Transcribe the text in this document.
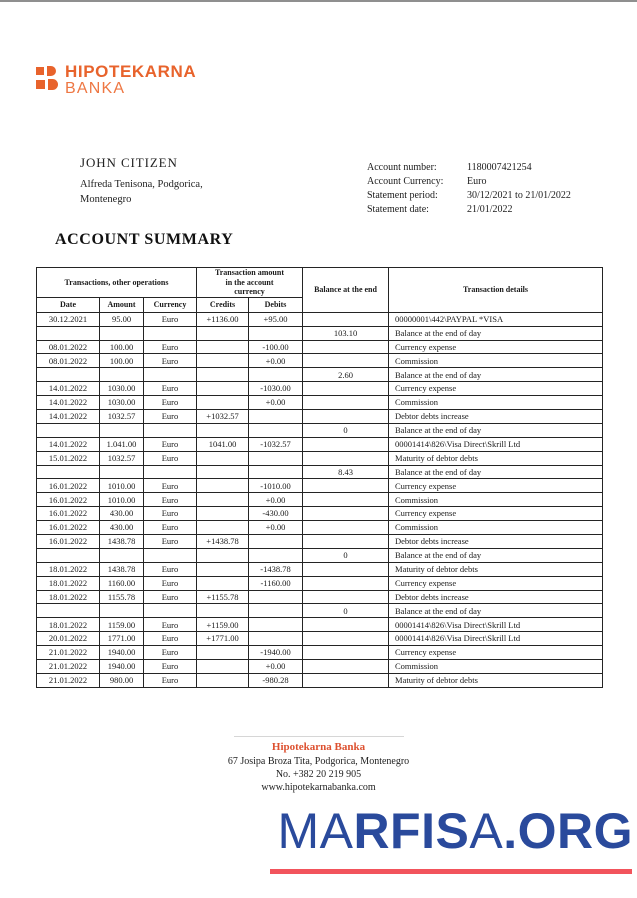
HIPOTEKARNA
BANKA
JOHN CITIZEN
Alfreda Tenisona, Podgorica,
Montenegro
Account number:	1180007421254
Account Currency:	Euro
Statement period:	30/12/2021 to 21/01/2022
Statement date:	21/01/2022
ACCOUNT SUMMARY
Transactions, other operations			Transaction amount in the account currency		Balance at the end	Transaction details
Date	Amount	Currency	Credits	Debits		
30.12.2021	95.00	Euro	+1136.00	+95.00		00000001\442\PAYPAL *VISA
					103.10	Balance at the end of day
08.01.2022	100.00	Euro		-100.00		Currency expense
08.01.2022	100.00	Euro		+0.00		Commission
					2.60	Balance at the end of day
14.01.2022	1030.00	Euro		-1030.00		Currency expense
14.01.2022	1030.00	Euro		+0.00		Commission
14.01.2022	1032.57	Euro	+1032.57			Debtor debts increase
					0	Balance at the end of day
14.01.2022	1.041.00	Euro	1041.00	-1032.57		00001414\826\Visa Direct\Skrill Ltd
15.01.2022	1032.57	Euro				Maturity of debtor debts
					8.43	Balance at the end of day
16.01.2022	1010.00	Euro		-1010.00		Currency expense
16.01.2022	1010.00	Euro		+0.00		Commission
16.01.2022	430.00	Euro		-430.00		Currency expense
16.01.2022	430.00	Euro		+0.00		Commission
16.01.2022	1438.78	Euro	+1438.78			Debtor debts increase
					0	Balance at the end of day
18.01.2022	1438.78	Euro		-1438.78		Maturity of debtor debts
18.01.2022	1160.00	Euro		-1160.00		Currency expense
18.01.2022	1155.78	Euro	+1155.78			Debtor debts increase
					0	Balance at the end of day
18.01.2022	1159.00	Euro	+1159.00			00001414\826\Visa Direct\Skrill Ltd
20.01.2022	1771.00	Euro	+1771.00			00001414\826\Visa Direct\Skrill Ltd
21.01.2022	1940.00	Euro		-1940.00		Currency expense
21.01.2022	1940.00	Euro		+0.00		Commission
21.01.2022	980.00	Euro		-980.28		Maturity of debtor debts
Hipotekarna Banka
67 Josipa Broza Tita, Podgorica, Montenegro
No. +382 20 219 905
www.hipotekarnabanka.com
MARFISA.ORG
